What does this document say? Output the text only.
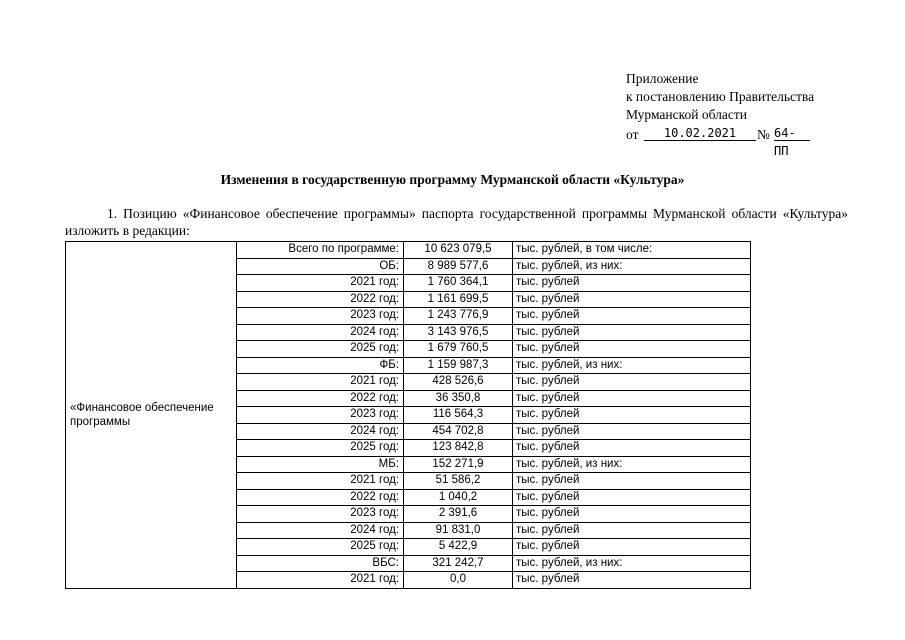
Приложение
к постановлению Правительства
Мурманской области
от	10.02.2021	№ 64-ПП
Изменения в государственную программу Мурманской области «Культура»
1. Позицию «Финансовое обеспечение программы» паспорта государственной программы Мурманской области «Культура» изложить в редакции:
«Финансовое обеспечение программы	Всего по программе:	10 623 079,5	тыс. рублей, в том числе:
	ОБ:	8 989 577,6	тыс. рублей, из них:
	2021 год:	1 760 364,1	тыс. рублей
	2022 год:	1 161 699,5	тыс. рублей
	2023 год:	1 243 776,9	тыс. рублей
	2024 год:	3 143 976,5	тыс. рублей
	2025 год:	1 679 760,5	тыс. рублей
	ФБ:	1 159 987,3	тыс. рублей, из них:
	2021 год:	428 526,6	тыс. рублей
	2022 год:	36 350,8	тыс. рублей
	2023 год:	116 564,3	тыс. рублей
	2024 год:	454 702,8	тыс. рублей
	2025 год:	123 842,8	тыс. рублей
	МБ:	152 271,9	тыс. рублей, из них:
	2021 год:	51 586,2	тыс. рублей
	2022 год:	1 040,2	тыс. рублей
	2023 год:	2 391,6	тыс. рублей
	2024 год:	91 831,0	тыс. рублей
	2025 год:	5 422,9	тыс. рублей
	ВБС:	321 242,7	тыс. рублей, из них:
	2021 год:	0,0	тыс. рублей
